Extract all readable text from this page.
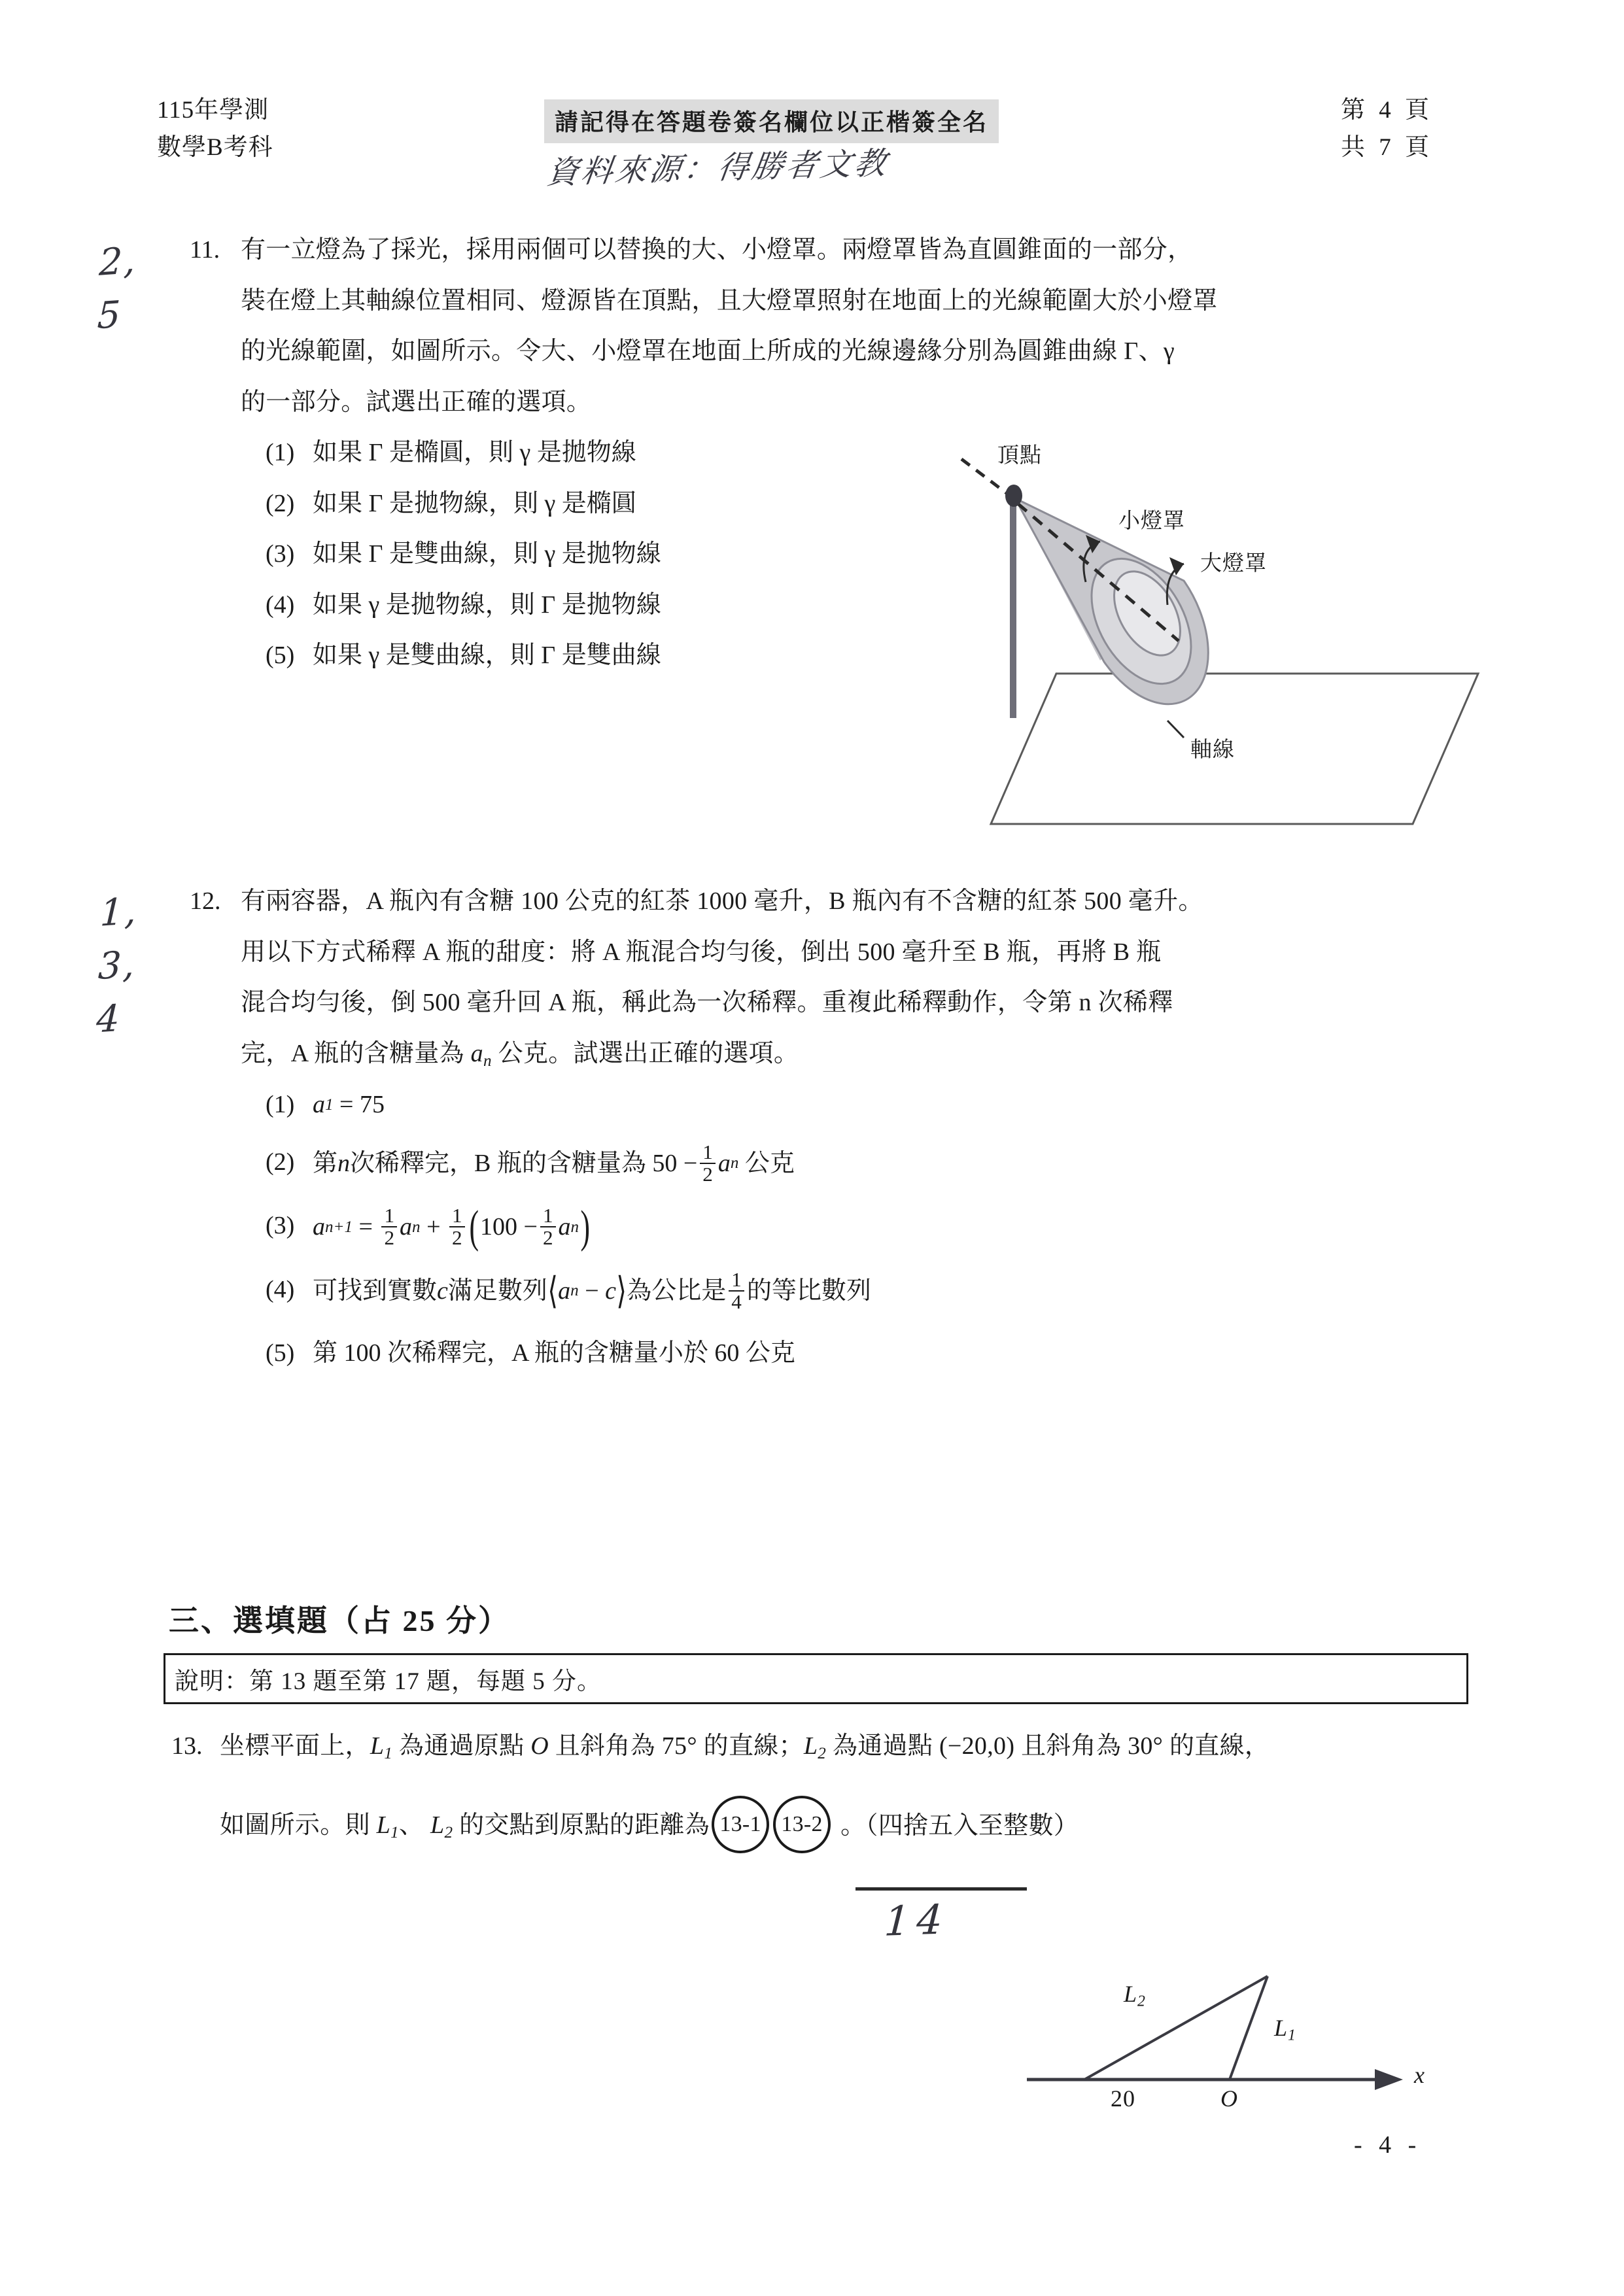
115年學測
數學B考科
請記得在答題卷簽名欄位以正楷簽全名
資料來源：得勝者文教
第 4 頁
共 7 頁
2,
5
11. 有一立燈為了採光，採用兩個可以替換的大、小燈罩。兩燈罩皆為直圓錐面的一部分，

裝在燈上其軸線位置相同、燈源皆在頂點，且大燈罩照射在地面上的光線範圍大於小燈罩

的光線範圍，如圖所示。令大、小燈罩在地面上所成的光線邊緣分別為圓錐曲線 Γ、γ

的一部分。試選出正確的選項。

(1) 如果 Γ 是橢圓，則 γ 是拋物線
(2) 如果 Γ 是拋物線，則 γ 是橢圓
(3) 如果 Γ 是雙曲線，則 γ 是拋物線
(4) 如果 γ 是拋物線，則 Γ 是拋物線
(5) 如果 γ 是雙曲線，則 Γ 是雙曲線
頂點
小燈罩
大燈罩
軸線
1,
3,
4
12. 有兩容器，A 瓶內有含糖 100 公克的紅茶 1000 毫升，B 瓶內有不含糖的紅茶 500 毫升。

用以下方式稀釋 A 瓶的甜度：將 A 瓶混合均勻後，倒出 500 毫升至 B 瓶，再將 B 瓶

混合均勻後，倒 500 毫升回 A 瓶，稱此為一次稀釋。重複此稀釋動作，令第 n 次稀釋

完，A 瓶的含糖量為 $a_n$ 公克。試選出正確的選項。

(1) a 1 = 75
(2) 第 n 次稀釋完，B 瓶的含糖量為 $50 - \frac{1}{2}$ a n 公克
(3) a $n+1 = \frac{1}{2}$ a $n + \frac{1}{2}$ ( $100 - \frac{1}{2}$ a n )
(4) 可找到實數 c 滿足數列 ⟨ a n − c ⟩ 為公比是 $\frac{1}{4}$ 的等比數列
(5) 第 100 次稀釋完，A 瓶的含糖量小於 60 公克
三、選填題（占 25 分）
說明：第 13 題至第 17 題，每題 5 分。
13. 坐標平面上，$L_1$ 為通過原點 O 且斜角為 75° 的直線；$L_2$ 為通過點 (−20,0) 且斜角為 30° 的直線，

如圖所示。則 $L_1$、 $L_2$ 的交點到原點的距離為 13-1 13-2 。（四捨五入至整數）

14
$L_2$
$L_1$
20	O
x
- 4 -
